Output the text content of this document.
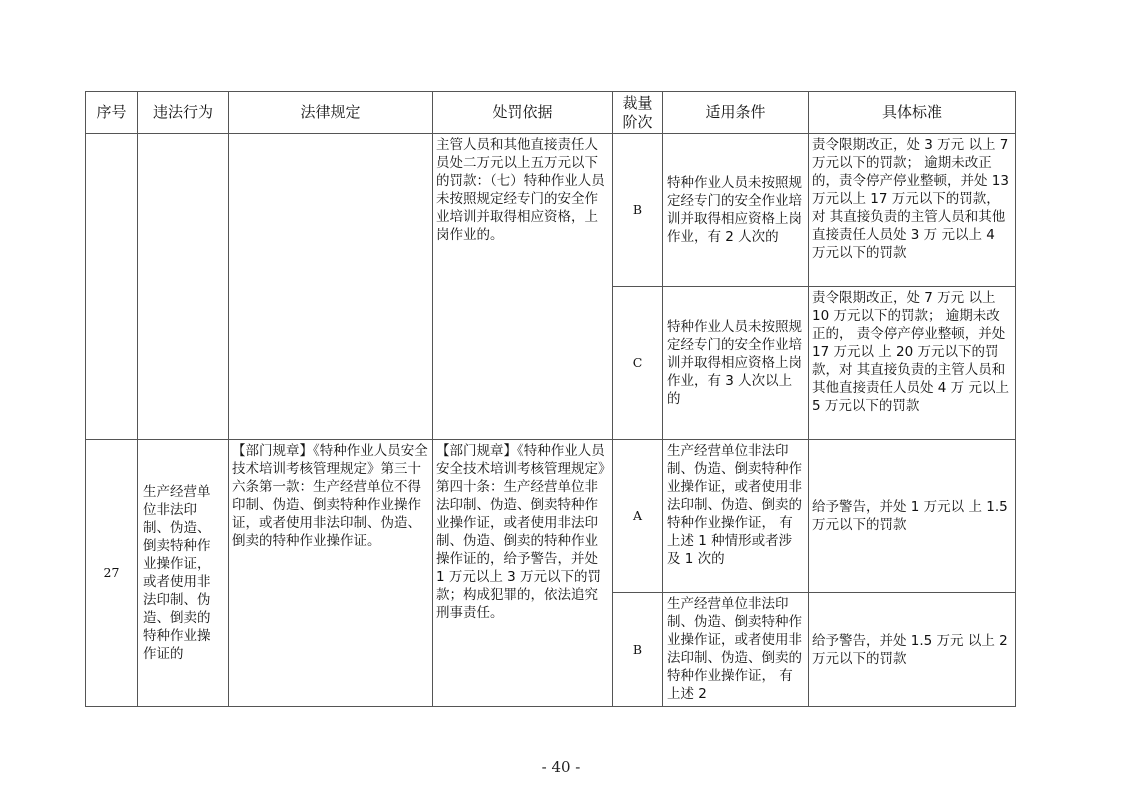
序号	违法行为	法律规定	处罚依据	裁量阶次	适用条件	具体标准
			主管人员和其他直接责任人员处二万元以上五万元以下的罚款：（七）特种作业人员未按照规定经专门的安全作业培训并取得相应资格，上岗作业的。	B	特种作业人员未按照规定经专门的安全作业培训并取得相应资格上岗作业，有 2 人次的	责令限期改正，处 3 万元 以上 7 万元以下的罚款； 逾期未改正的，责令停产停业整顿，并处 13 万元以上 17 万元以下的罚款，对 其直接负责的主管人员和其他直接责任人员处 3 万 元以上 4 万元以下的罚款
				C	特种作业人员未按照规定经专门的安全作业培训并取得相应资格上岗作业，有 3 人次以上的	责令限期改正，处 7 万元 以上 10 万元以下的罚款； 逾期未改正的， 责令停产停业整顿，并处 17 万元以 上 20 万元以下的罚款，对 其直接负责的主管人员和其他直接责任人员处 4 万 元以上 5 万元以下的罚款
27	生产经营单位非法印制、伪造、倒卖特种作业操作证，或者使用非法印制、伪造、倒卖的特种作业操作证的	【部门规章】《特种作业人员安全技术培训考核管理规定》第三十六条第一款：生产经营单位不得印制、伪造、倒卖特种作业操作证，或者使用非法印制、伪造、倒卖的特种作业操作证。	【部门规章】《特种作业人员安全技术培训考核管理规定》第四十条：生产经营单位非法印制、伪造、倒卖特种作业操作证，或者使用非法印制、伪造、倒卖的特种作业操作证的，给予警告，并处 1 万元以上 3 万元以下的罚款；构成犯罪的，依法追究刑事责任。	A	生产经营单位非法印制、伪造、倒卖特种作业操作证，或者使用非法印制、伪造、倒卖的特种作业操作证， 有上述 1 种情形或者涉及 1 次的	给予警告，并处 1 万元以 上 1.5 万元以下的罚款
				B	生产经营单位非法印制、伪造、倒卖特种作业操作证，或者使用非法印制、伪造、倒卖的特种作业操作证， 有上述 2	给予警告，并处 1.5 万元 以上 2 万元以下的罚款
- 40 -
